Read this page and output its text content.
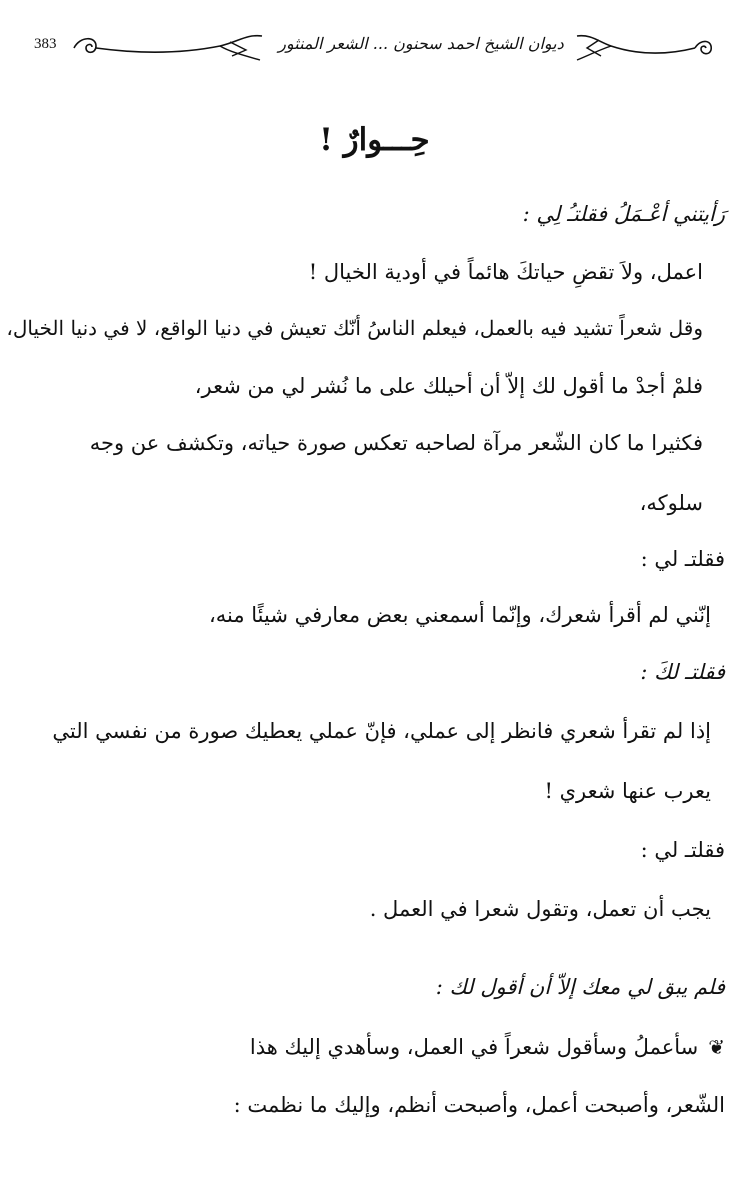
383	ديوان الشيخ احمد سحنون ... الشعر المنثور
حِـــوارٌ !
رَأيتني أعْـمَلُ فقلتـُ لِي :
اعمل، ولاَ تقضِ حياتكَ هائماً في أودية الخيال !
وقل شعراً تشيد فيه بالعمل، فيعلم الناسُ أنّك تعيش في دنيا الواقع، لا في دنيا الخيال،
فلمْ أجدْ ما أقول لك إلاّ أن أحيلك على ما نُشر لي من شعر،
فكثيرا ما كان الشّعر مرآة لصاحبه تعكس صورة حياته، وتكشف عن وجه
سلوكه،
فقلتـ لي :
إنّني لم أقرأ شعرك، وإنّما أسمعني بعض معارفي شيئًا منه،
فقلتـ لكَ :
إذا لم تقرأ شعري فانظر إلى عملي، فإنّ عملي يعطيك صورة من نفسي التي
يعرب عنها شعري !
فقلتـ لي :
يجب أن تعمل، وتقول شعرا في العمل .
فلم يبق لي معك إلاّ أن أقول لك :
❦سأعملُ وسأقول شعراً في العمل، وسأهدي إليك هذا
الشّعر، وأصبحت أعمل، وأصبحت أنظم، وإليك ما نظمت :
